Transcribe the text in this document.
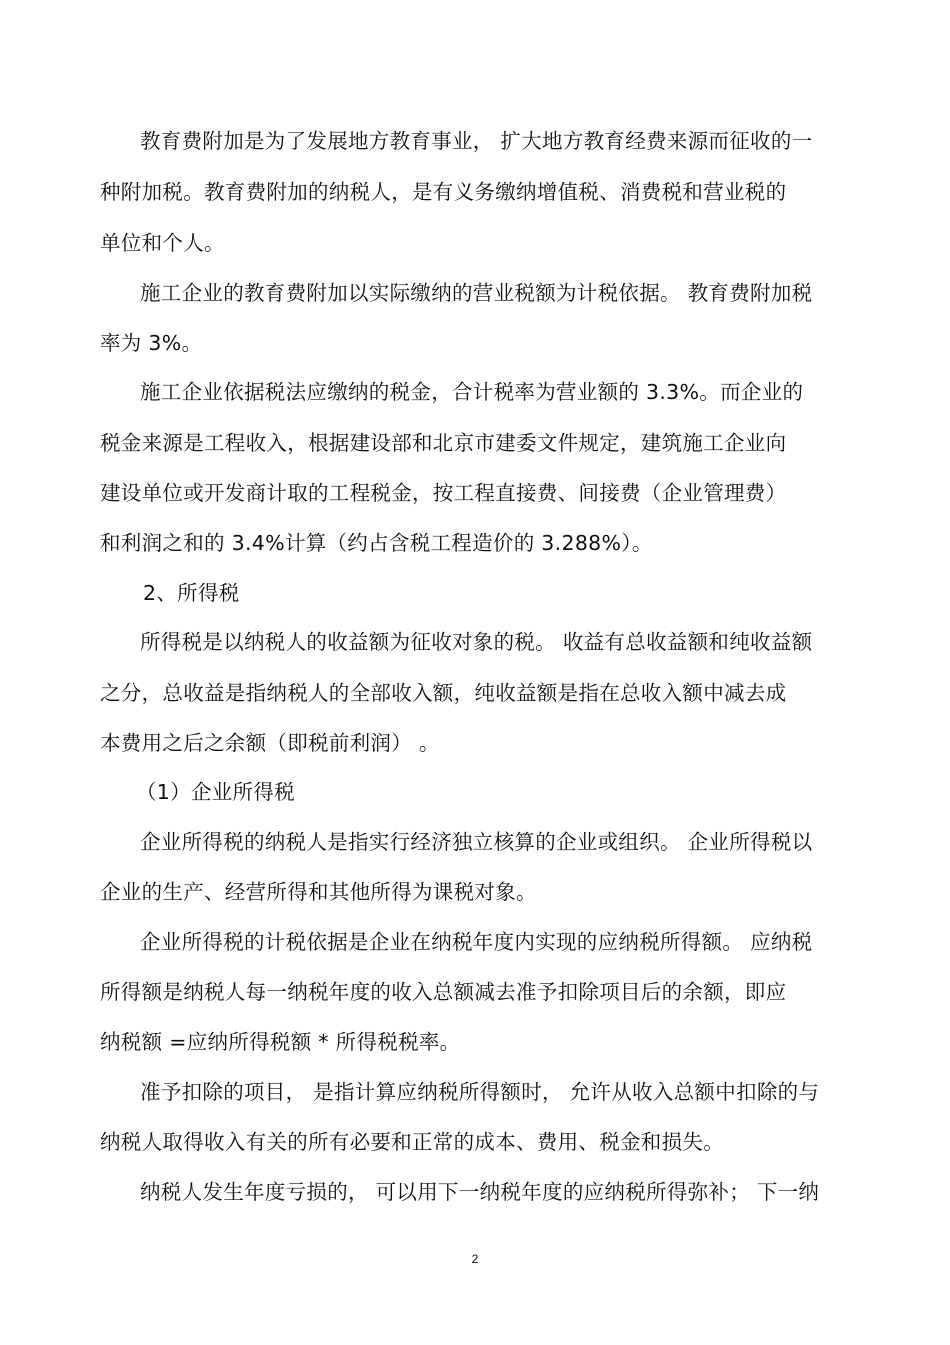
教育费附加是为了发展地方教育事业， 扩大地方教育经费来源而征收的一
种附加税。教育费附加的纳税人，是有义务缴纳增值税、消费税和营业税的
单位和个人。
施工企业的教育费附加以实际缴纳的营业税额为计税依据。 教育费附加税
率为 3%。
施工企业依据税法应缴纳的税金，合计税率为营业额的 3.3%。而企业的
税金来源是工程收入，根据建设部和北京市建委文件规定，建筑施工企业向
建设单位或开发商计取的工程税金，按工程直接费、间接费（企业管理费）
和利润之和的 3.4%计算（约占含税工程造价的 3.288%）。
2、所得税
所得税是以纳税人的收益额为征收对象的税。 收益有总收益额和纯收益额
之分，总收益是指纳税人的全部收入额，纯收益额是指在总收入额中减去成
本费用之后之余额（即税前利润） 。
（1）企业所得税
企业所得税的纳税人是指实行经济独立核算的企业或组织。 企业所得税以
企业的生产、经营所得和其他所得为课税对象。
企业所得税的计税依据是企业在纳税年度内实现的应纳税所得额。 应纳税
所得额是纳税人每一纳税年度的收入总额减去准予扣除项目后的余额，即应
纳税额 =应纳所得税额 * 所得税税率。
准予扣除的项目， 是指计算应纳税所得额时， 允许从收入总额中扣除的与
纳税人取得收入有关的所有必要和正常的成本、费用、税金和损失。
纳税人发生年度亏损的， 可以用下一纳税年度的应纳税所得弥补； 下一纳
2
